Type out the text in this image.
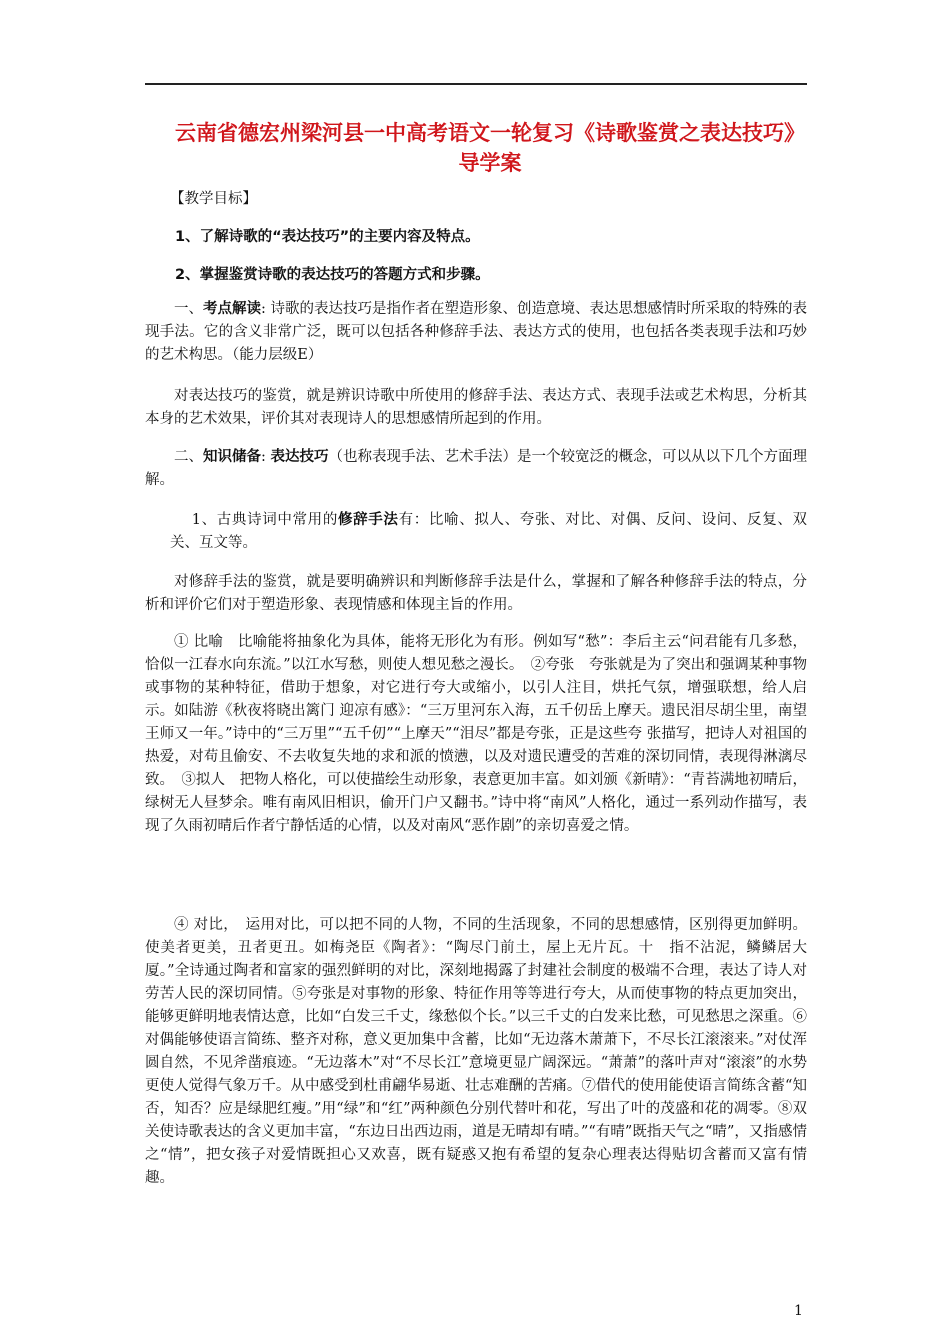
云南省德宏州梁河县一中高考语文一轮复习《诗歌鉴赏之表达技巧》导学案

【教学目标】

1、了解诗歌的“表达技巧”的主要内容及特点。

2、掌握鉴赏诗歌的表达技巧的答题方式和步骤。

一、考点解读: 诗歌的表达技巧是指作者在塑造形象、创造意境、表达思想感情时所采取的特殊的表现手法。它的含义非常广泛，既可以包括各种修辞手法、表达方式的使用，也包括各类表现手法和巧妙的艺术构思。（能力层级E）

对表达技巧的鉴赏，就是辨识诗歌中所使用的修辞手法、表达方式、表现手法或艺术构思，分析其本身的艺术效果，评价其对表现诗人的思想感情所起到的作用。

二、知识储备: 表达技巧（也称表现手法、艺术手法）是一个较宽泛的概念，可以从以下几个方面理解。

1、古典诗词中常用的修辞手法有：比喻、拟人、夸张、对比、对偶、反问、设问、反复、双关、互文等。

对修辞手法的鉴赏，就是要明确辨识和判断修辞手法是什么，掌握和了解各种修辞手法的特点，分析和评价它们对于塑造形象、表现情感和体现主旨的作用。

① 比喻　比喻能将抽象化为具体，能将无形化为有形。例如写“愁”：李后主云“问君能有几多愁，恰似一江春水向东流。”以江水写愁，则使人想见愁之漫长。　②夸张　夸张就是为了突出和强调某种事物或事物的某种特征，借助于想象，对它进行夸大或缩小，以引人注目，烘托气氛，增强联想，给人启示。如陆游《秋夜将晓出篱门 迎凉有感》：“三万里河东入海，五千仞岳上摩天。遗民泪尽胡尘里，南望王师又一年。”诗中的“三万里”“五千仞”“上摩天”“泪尽”都是夸张，正是这些夸 张描写，把诗人对祖国的热爱，对苟且偷安、不去收复失地的求和派的愤懑，以及对遗民遭受的苦难的深切同情，表现得淋漓尽致。　③拟人　把物人格化，可以使描绘生动形象，表意更加丰富。如刘颁《新晴》：“青苔满地初晴后，绿树无人昼梦余。唯有南风旧相识，偷开门户又翻书。”诗中将“南风”人格化，通过一系列动作描写，表现了久雨初晴后作者宁静恬适的心情，以及对南风“恶作剧”的亲切喜爱之情。

④ 对比，　运用对比，可以把不同的人物，不同的生活现象，不同的思想感情，区别得更加鲜明。使美者更美，丑者更丑。如梅尧臣《陶者》：“陶尽门前土，屋上无片瓦。十　指不沾泥，鳞鳞居大厦。”全诗通过陶者和富家的强烈鲜明的对比，深刻地揭露了封建社会制度的极端不合理，表达了诗人对劳苦人民的深切同情。⑤夸张是对事物的形象、特征作用等等进行夸大，从而使事物的特点更加突出，能够更鲜明地表情达意，比如“白发三千丈，缘愁似个长。”以三千丈的白发来比愁，可见愁思之深重。⑥对偶能够使语言简练、整齐对称，意义更加集中含蓄，比如“无边落木萧萧下，不尽长江滚滚来。”对仗浑圆自然，不见斧凿痕迹。“无边落木”对“不尽长江”意境更显广阔深远。“萧萧”的落叶声对“滚滚”的水势更使人觉得气象万千。从中感受到杜甫翩华易逝、壮志难酬的苦痛。⑦借代的使用能使语言简练含蓄“知否，知否？应是绿肥红瘦。”用“绿”和“红”两种颜色分别代替叶和花，写出了叶的茂盛和花的凋零。⑧双关使诗歌表达的含义更加丰富，“东边日出西边雨，道是无晴却有晴。”“有晴”既指天气之“晴”，又指感情之“情”，把女孩子对爱情既担心又欢喜，既有疑惑又抱有希望的复杂心理表达得贴切含蓄而又富有情趣。

1
